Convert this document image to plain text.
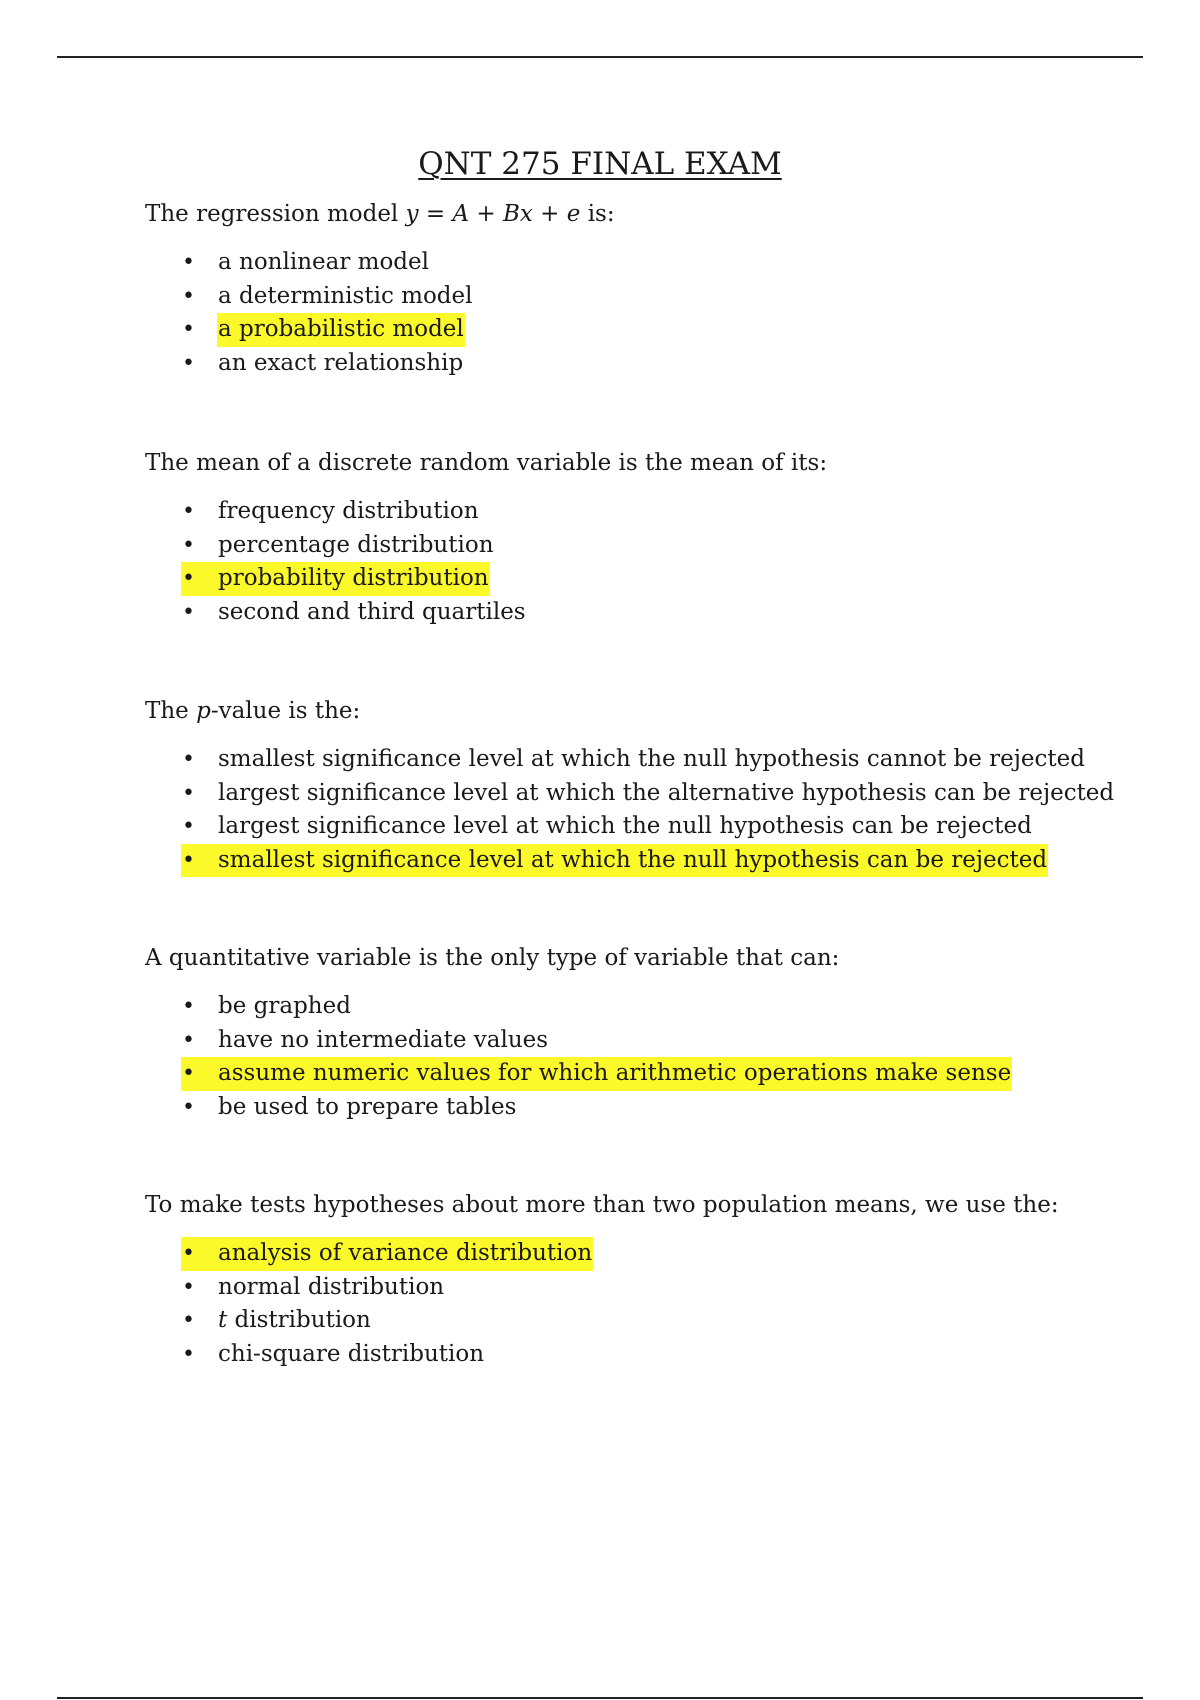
QNT 275 FINAL EXAM

The regression model y = A + Bx + e is:

• a nonlinear model
• a deterministic model
• a probabilistic model
• an exact relationship

The mean of a discrete random variable is the mean of its:

• frequency distribution
• percentage distribution
• probability distribution
• second and third quartiles

The p-value is the:

• smallest significance level at which the null hypothesis cannot be rejected
• largest significance level at which the alternative hypothesis can be rejected
• largest significance level at which the null hypothesis can be rejected
• smallest significance level at which the null hypothesis can be rejected

A quantitative variable is the only type of variable that can:

• be graphed
• have no intermediate values
• assume numeric values for which arithmetic operations make sense
• be used to prepare tables

To make tests hypotheses about more than two population means, we use the:

• analysis of variance distribution
• normal distribution
• t distribution
• chi-square distribution
